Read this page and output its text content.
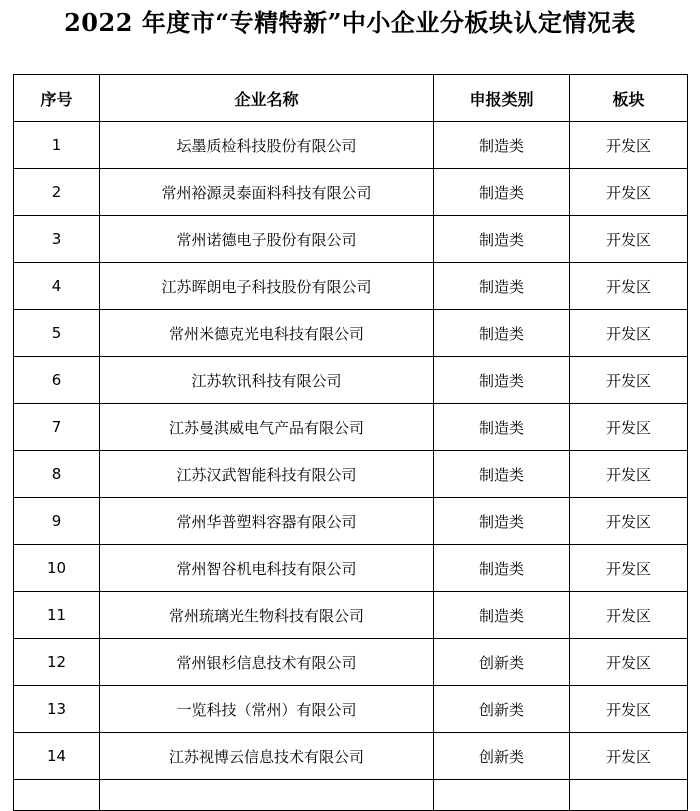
2022 年度市“专精特新”中小企业分板块认定情况表
序号	企业名称	申报类别	板块
1	坛墨质检科技股份有限公司	制造类	开发区
2	常州裕源灵泰面料科技有限公司	制造类	开发区
3	常州诺德电子股份有限公司	制造类	开发区
4	江苏晖朗电子科技股份有限公司	制造类	开发区
5	常州米德克光电科技有限公司	制造类	开发区
6	江苏软讯科技有限公司	制造类	开发区
7	江苏曼淇威电气产品有限公司	制造类	开发区
8	江苏汉武智能科技有限公司	制造类	开发区
9	常州华普塑料容器有限公司	制造类	开发区
10	常州智谷机电科技有限公司	制造类	开发区
11	常州琉璃光生物科技有限公司	制造类	开发区
12	常州银杉信息技术有限公司	创新类	开发区
13	一览科技（常州）有限公司	创新类	开发区
14	江苏视博云信息技术有限公司	创新类	开发区
